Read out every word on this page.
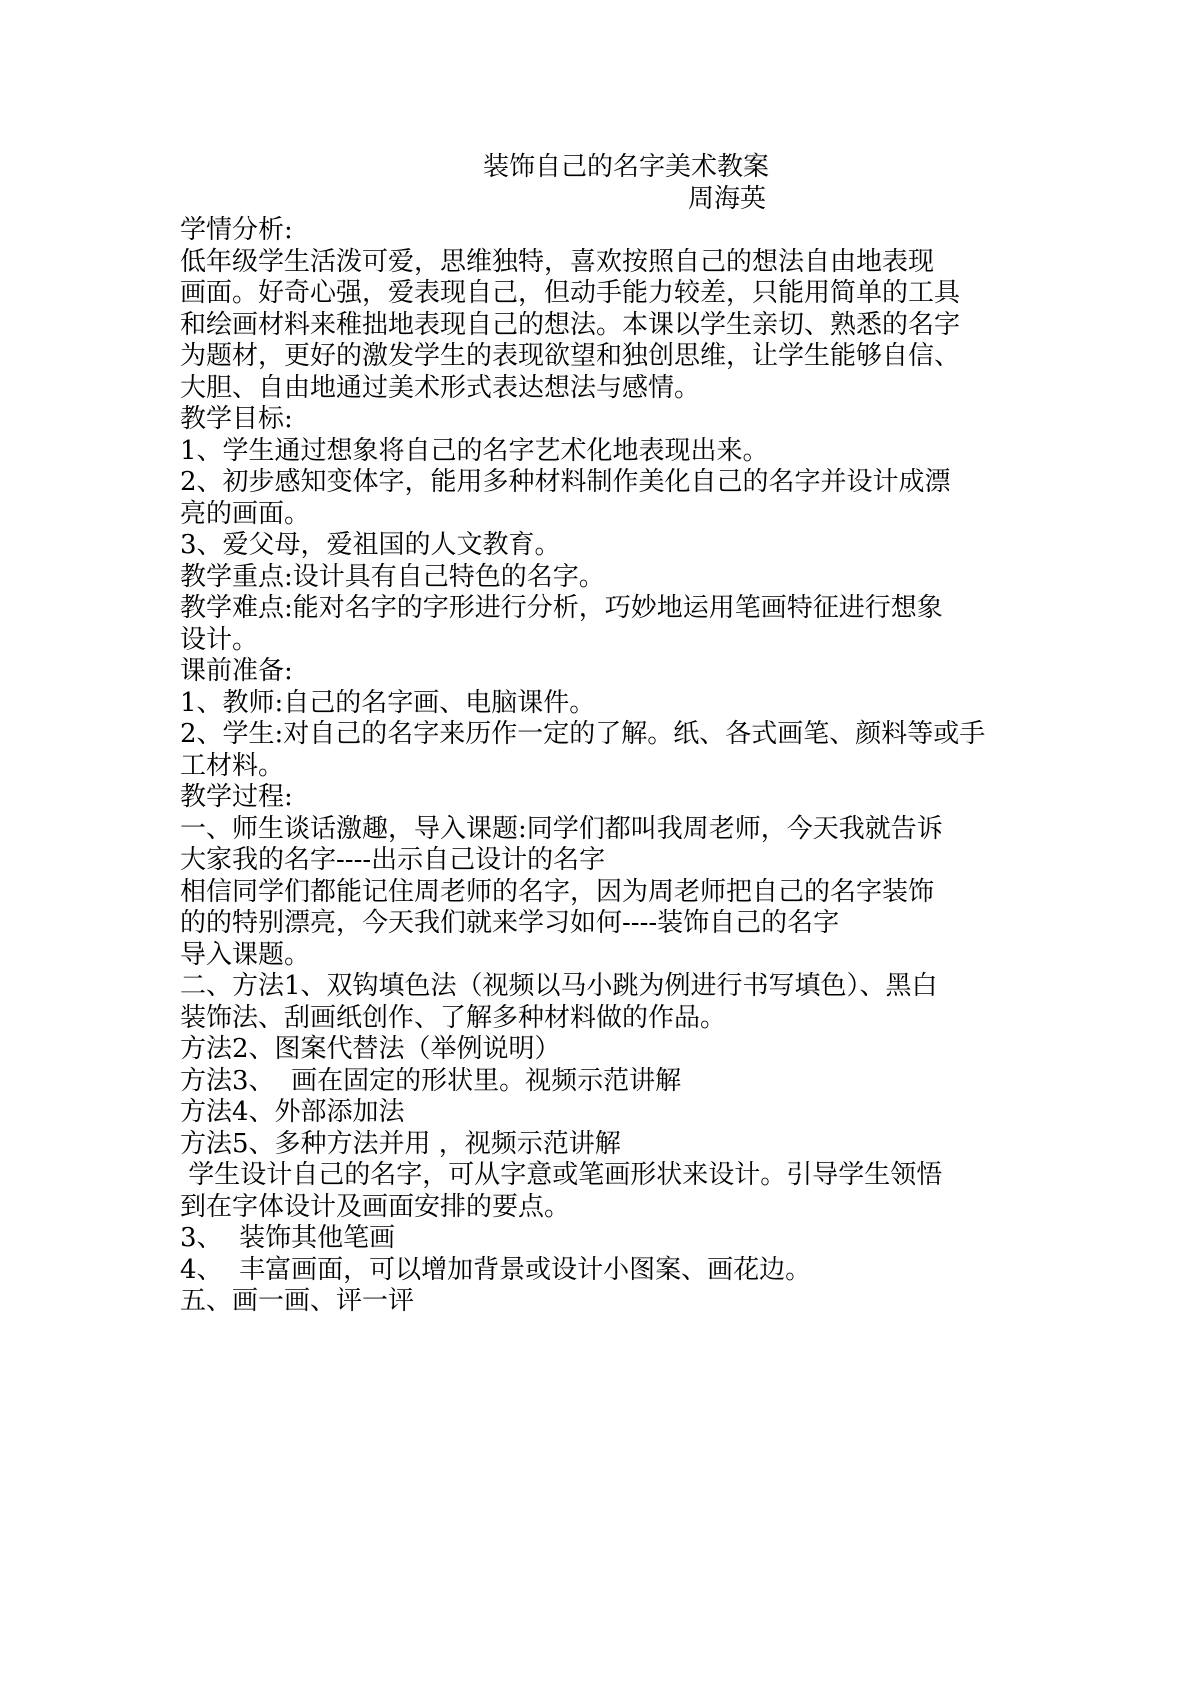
装饰自己的名字美术教案
周海英
学情分析:
低年级学生活泼可爱，思维独特，喜欢按照自己的想法自由地表现
画面。好奇心强，爱表现自己，但动手能力较差，只能用简单的工具
和绘画材料来稚拙地表现自己的想法。本课以学生亲切、熟悉的名字
为题材，更好的激发学生的表现欲望和独创思维，让学生能够自信、
大胆、自由地通过美术形式表达想法与感情。
教学目标:
1、学生通过想象将自己的名字艺术化地表现出来。
2、初步感知变体字，能用多种材料制作美化自己的名字并设计成漂
亮的画面。
3、爱父母，爱祖国的人文教育。
教学重点:设计具有自己特色的名字。
教学难点:能对名字的字形进行分析，巧妙地运用笔画特征进行想象
设计。
课前准备:
1、教师:自己的名字画、电脑课件。
2、学生:对自己的名字来历作一定的了解。纸、各式画笔、颜料等或手
工材料。
教学过程:
一、师生谈话激趣，导入课题:同学们都叫我周老师，今天我就告诉
大家我的名字----出示自己设计的名字
相信同学们都能记住周老师的名字，因为周老师把自己的名字装饰
的的特别漂亮，今天我们就来学习如何----装饰自己的名字
导入课题。
二、方法1、双钩填色法（视频以马小跳为例进行书写填色）、黑白
装饰法、刮画纸创作、了解多种材料做的作品。
方法2、图案代替法（举例说明）
方法3、  画在固定的形状里。视频示范讲解
方法4、外部添加法
方法5、多种方法并用 ，视频示范讲解
学生设计自己的名字，可从字意或笔画形状来设计。引导学生领悟
到在字体设计及画面安排的要点。
3、  装饰其他笔画
4、  丰富画面，可以增加背景或设计小图案、画花边。
五、画一画、评一评
